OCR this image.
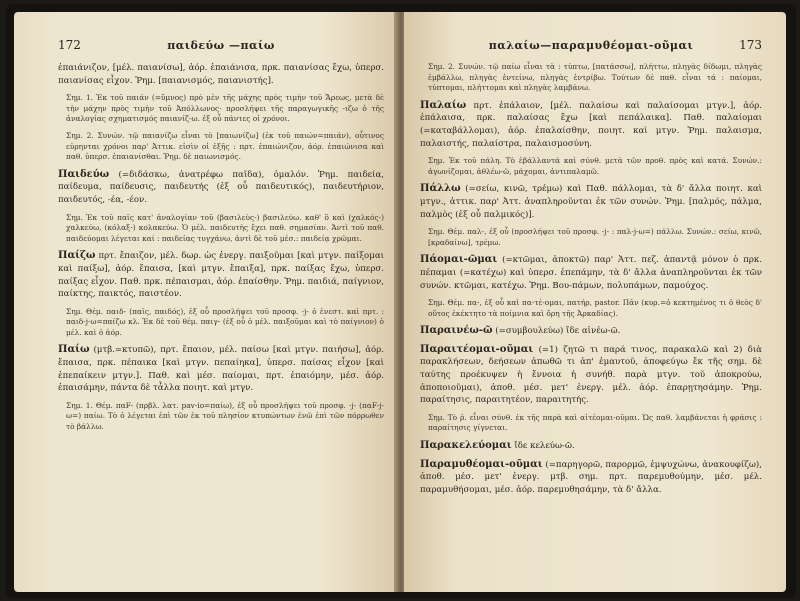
172	παιδεύω —παίω

ἐπαιάνιζον, [μέλ. παιανίσω], ἀόρ. ἐπαιάνισα, πρκ. παιανίσας ἔχω, ὑπερσ. παιανίσας εἶχον. Ῥημ. [παιανισμός, παιανιστής].

Σημ. 1. Ἐκ τοῦ παιάν (=ὕμνος) πρὸ μὲν τῆς μάχης πρὸς τιμὴν τοῦ Ἄρεως, μετὰ δὲ τὴν μάχην πρὸς τιμὴν τοῦ Ἀπόλλωνος· προσλήψει τῆς παραγωγικῆς -ιζω ὁ τῆς ἀναλογίας σχηματισμός παιανίζ-ω. ἐξ οὗ πάντες οἱ χρόνοι.

Σημ. 2. Συνών. τῷ παιανίζω εἶναι τὸ [παιωνίζω] (ἐκ τοῦ παιών=παιάν), οὗτινος εὑρηνται χρόνοι παρ' Ἀττικ. εἰσὶν οἱ ἐξῆς : πρτ. ἐπαιώνιζον, ἀόρ. ἐπαιώνισα καὶ παθ. ὑπερσ. ἐπαιανίσθαι. Ῥημ. δὲ παιωνισμός.

Παιδεύω (=διδάσκω, ἀνατρέφω παῖδα), ὁμαλόν. Ῥημ. παιδεία, παίδευμα, παίδευσις, παιδευτής (ἐξ οὗ παιδευτικός), παιδευτήριον, παιδευτός, -έα, -έον.

Σημ. Ἐκ τοῦ παῖς κατ' ἀναλογίαν τοῦ (βασιλεὺς-) βασιλεύω. καθ' ὃ καὶ (χαλκός-) χαλκεύω, (κόλαξ-) κολακεύω. Ὁ μέλ. παιδευτὴς ἔχει παθ. σημασίαν. Ἀντὶ τοῦ παθ. παιδεύομαι λέγεται καί : παιδείας τυγχάνω, ἀντὶ δὲ τοῦ μέσ.: παιδείᾳ χρῶμαι.

Παίζω πρτ. ἔπαιζον, μέλ. δωρ. ὡς ἐνεργ. παιξοῦμαι [καὶ μτγν. παίξομαι καὶ παίξω], ἀόρ. ἔπαισα, [καὶ μτγν. ἔπαιξα], πρκ. παίξας ἔχω, ὑπερσ. παίξας εἶχον. Παθ. πρκ. πέπαισμαι, ἀόρ. ἐπαίσθην. Ῥημ. παιδιά, παίγνιον, παίκτης, παικτός, παιστέον.

Σημ. Θέμ. παιδ- (παῖς, παιδός), ἐξ οὗ προσλήψει τοῦ προσφ. -j- ὁ ἐνεστ. καὶ πρτ. : παιδ-j-ω=παίζω κλ. Ἐκ δὲ τοῦ θέμ. παιγ- (ἐξ οὗ ὁ μέλ. παιξοῦμαι καὶ τὸ παίγνιον) ὁ μέλ. καὶ ὁ ἀόρ.

Παίω (μτβ.=κτυπῶ), πρτ. ἔπαιον, μέλ. παίσω [καὶ μτγν. παιήσω], ἀόρ. ἔπαισα, πρκ. πέπαικα [καὶ μτγν. πεπαίηκα], ὑπερσ. παίσας εἶχον [καὶ ἐπεπαίκειν μτγν.]. Παθ. καὶ μέσ. παίομαι, πρτ. ἐπαιόμην, μέσ. ἀόρ. ἐπαισάμην, πάντα δὲ τἆλλα ποιητ. καὶ μτγν.

Σημ. 1. Θέμ. παF- (πρβλ. λατ. pav-io=παίω), ἐξ οὗ προσλήψει τοῦ προσφ. -j- (παF-j-ω=) παίω. Τὸ ὁ λέγεται ἐπὶ τῶν ἐκ τοῦ πλησίον κτυπώντων ἐνῶ ἐπὶ τῶν πόρρωθεν τὸ βάλλω.

παλαίω—παραμυθέομαι-οῦμαι	173

Σημ. 2. Συνών. τῷ παίω εἶναι τὰ : τύπτω, [πατάσσω], πλήττω, πληγὰς δίδωμι, πληγὰς ἐμβάλλω, πληγὰς ἐντείνω, πληγὰς ἐντρίβω. Τούτων δὲ παθ. εἶναι τά : παίομαι, τύπτομαι, πλήττομαι καὶ πληγὰς λαμβάνω.

Παλαίω πρτ. ἐπάλαιον, [μέλ. παλαίσω καὶ παλαίσομαι μτγν.], ἀόρ. ἐπάλαισα, πρκ. παλαίσας ἔχω [καὶ πεπάλαικα]. Παθ. παλαίομαι (=καταβάλλομαι), ἀόρ. ἐπαλαίσθην, ποιητ. καὶ μτγν. Ῥημ. παλαισμα, παλαιστής, παλαίστρα, παλαισμοσύνη.

Σημ. Ἐκ τοῦ πάλη. Τὸ ἐβάλλαντά καὶ σύνθ. μετὰ τῶν προθ. πρὸς καὶ κατά. Συνών.: ἀγωνίζομαι, ἀθλέω-ῶ, μάχομαι, ἀντιπαλαμῶ.

Πάλλω (=σείω, κινῶ, τρέμω) καὶ Παθ. πάλλομαι, τὰ δ' ἄλλα ποιητ. καὶ μτγν., ἀττικ. παρ' Ἀττ. ἀναπληροῦνται ἐκ τῶν συνών. Ῥημ. [παλμός, πάλμα, παλμὸς (ἐξ οὗ παλμικός)].

Σημ. Θέμ. παλ-, ἐξ οὗ (προσλήψει τοῦ προσφ. -j- : παλ-j-ω=) πάλλω. Συνών.: σείω, κινῶ, [κραδαίνω], τρέμω.

Πάομαι-ῶμαι (=κτῶμαι, ἀποκτῶ) παρ' Ἀττ. πεζ. ἀπαντᾷ μόνον ὁ πρκ. πέπαμαι (=κατέχω) καὶ ὑπερσ. ἐπεπάμην, τὰ δ' ἄλλα ἀναπληροῦνται ἐκ τῶν συνών. κτῶμαι, κατέχω. Ῥημ. Βου-πάμων, πολυπάμων, παμούχος.

Σημ. Θέμ. πα-, ἐξ οὗ καὶ πα-τέ-ομαι, πατήρ, pastor. Πᾶν (κυρ.=ὁ κεκτημένος τι ὁ θεὸς δ' οὕτος ἐκέκτητο τὰ ποίμνια καὶ ὄρη τῆς Ἀρκαδίας).

Παραινέω-ῶ (=συμβουλεύω) ἴδε αἰνέω-ῶ.

Παραιτέομαι-οῦμαι (=1) ζητῶ τι παρά τινος, παρακαλῶ καὶ 2) διὰ παρακλήσεων, δεήσεων ἀπωθῶ τι ἀπ' ἐμαυτοῦ, ἀποφεύγω ἔκ τῆς σημ. δὲ ταύτης προέκυψεν ἡ ἔννοια ἡ συνήθ. παρὰ μτγν. τοῦ ἀποκρούω, ἀποποιοῦμαι), ἀποθ. μέσ. μετ' ἐνεργ. μέλ. ἀόρ. ἐπαρῃτησάμην. Ῥημ. παραίτησις, παραιτητέον, παραιτητής.

Σημ. Τὸ ῥ. εἶναι σύνθ. ἐκ τῆς παρὰ καὶ αἰτέομαι-οῦμαι. Ὡς παθ. λαμβάνεται ἡ φράσις : παραίτησις γίγνεται.

Παρακελεύομαι ἴδε κελεύω-ῶ.

Παραμυθέομαι-οῦμαι (=παρηγορῶ, παρορμῶ, ἐμψυχώνω, ἀνακουφίζω), ἀποθ. μέσ. μετ' ἐνεργ. μτβ. σημ. πρτ. παρεμυθούμην, μέσ. μέλ. παραμυθήσομαι, μέσ. ἀόρ. παρεμυθησάμην, τὰ δ' ἄλλα.
